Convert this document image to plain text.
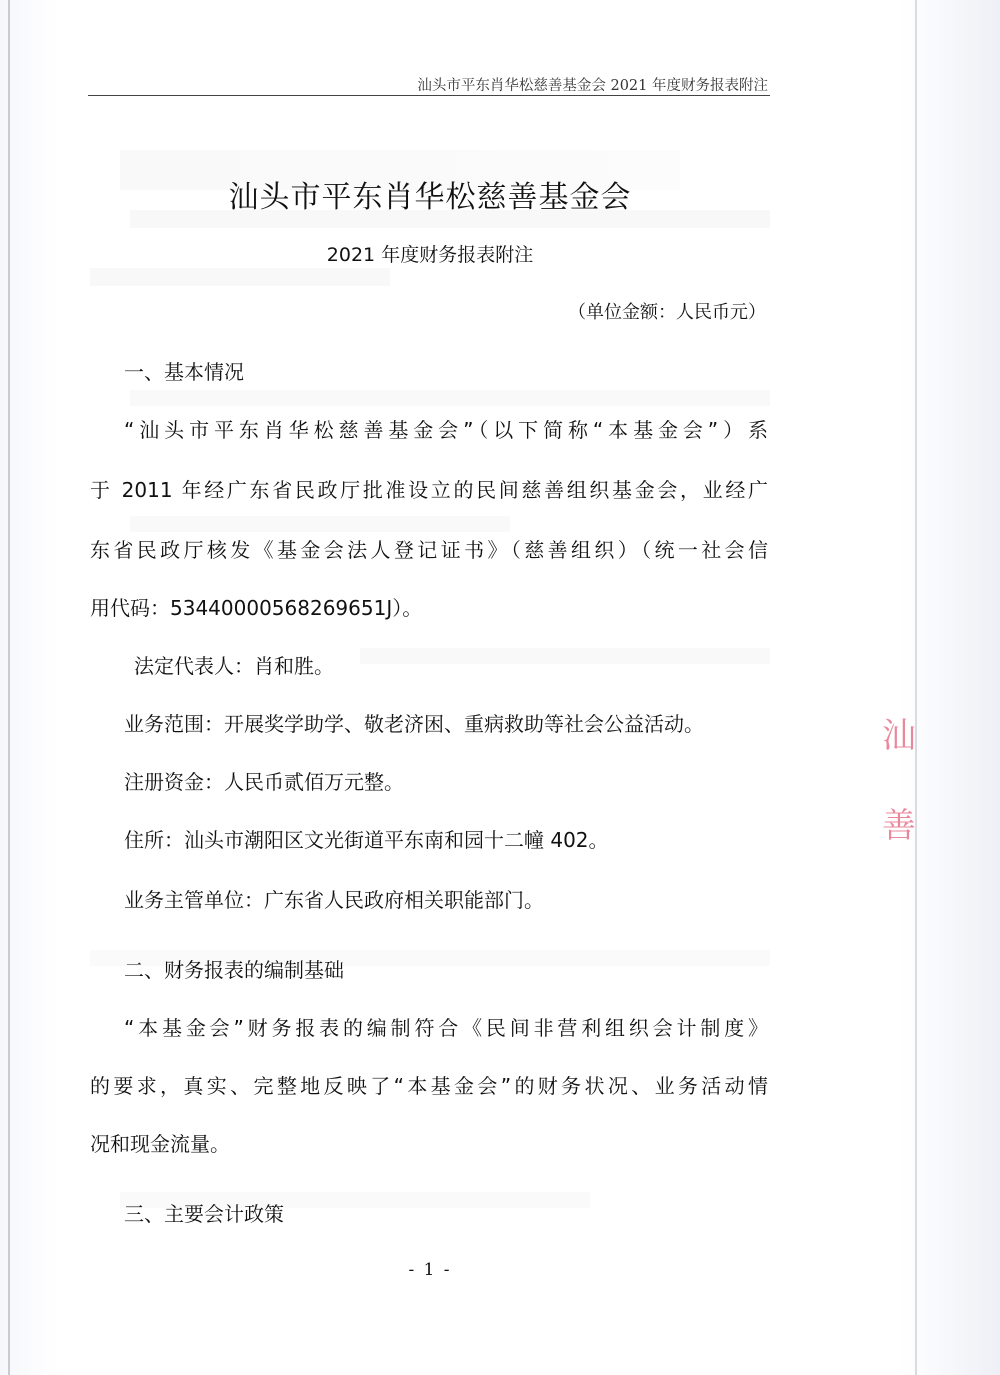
汕头市平东肖华松慈善基金会 2021 年度财务报表附注
汕头市平东肖华松慈善基金会
2021 年度财务报表附注
（单位金额：人民币元）
一、基本情况
“汕头市平东肖华松慈善基金会”（以下简称“本基金会”）系
于 2011 年经广东省民政厅批准设立的民间慈善组织基金会，业经广
东省民政厅核发《基金会法人登记证书》（慈善组织）（统一社会信
用代码：53440000568269651J）。
法定代表人：肖和胜。
业务范围：开展奖学助学、敬老济困、重病救助等社会公益活动。
注册资金：人民币贰佰万元整。
住所：汕头市潮阳区文光街道平东南和园十二幢 402。
业务主管单位：广东省人民政府相关职能部门。
二、财务报表的编制基础
“本基金会”财务报表的编制符合《民间非营利组织会计制度》
的要求，真实、完整地反映了“本基金会”的财务状况、业务活动情
况和现金流量。
三、主要会计政策
- 1 -
汕
善
